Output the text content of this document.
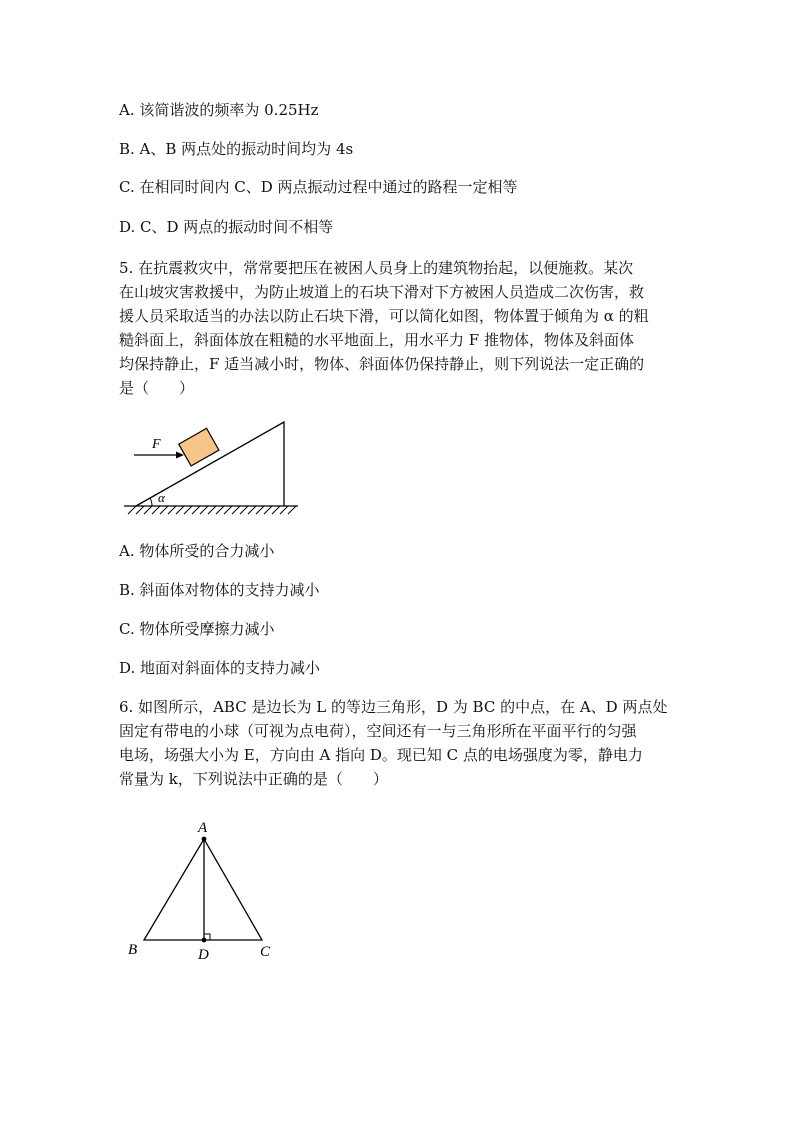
A. 该简谐波的频率为 0.25Hz
B. A、B 两点处的振动时间均为 4s
C. 在相同时间内 C、D 两点振动过程中通过的路程一定相等
D. C、D 两点的振动时间不相等
5. 在抗震救灾中，常常要把压在被困人员身上的建筑物抬起，以便施救。某次
在山坡灾害救援中，为防止坡道上的石块下滑对下方被困人员造成二次伤害，救
援人员采取适当的办法以防止石块下滑，可以简化如图，物体置于倾角为 α 的粗
糙斜面上，斜面体放在粗糙的水平地面上，用水平力 F 推物体，物体及斜面体
均保持静止，F 适当减小时，物体、斜面体仍保持静止，则下列说法一定正确的
是（　　）
α
F
A. 物体所受的合力减小
B. 斜面体对物体的支持力减小
C. 物体所受摩擦力减小
D. 地面对斜面体的支持力减小
6. 如图所示，ABC 是边长为 L 的等边三角形，D 为 BC 的中点，在 A、D 两点处
固定有带电的小球（可视为点电荷），空间还有一与三角形所在平面平行的匀强
电场，场强大小为 E，方向由 A 指向 D。现已知 C 点的电场强度为零，静电力
常量为 k，下列说法中正确的是（　　）
A
B	D	C
